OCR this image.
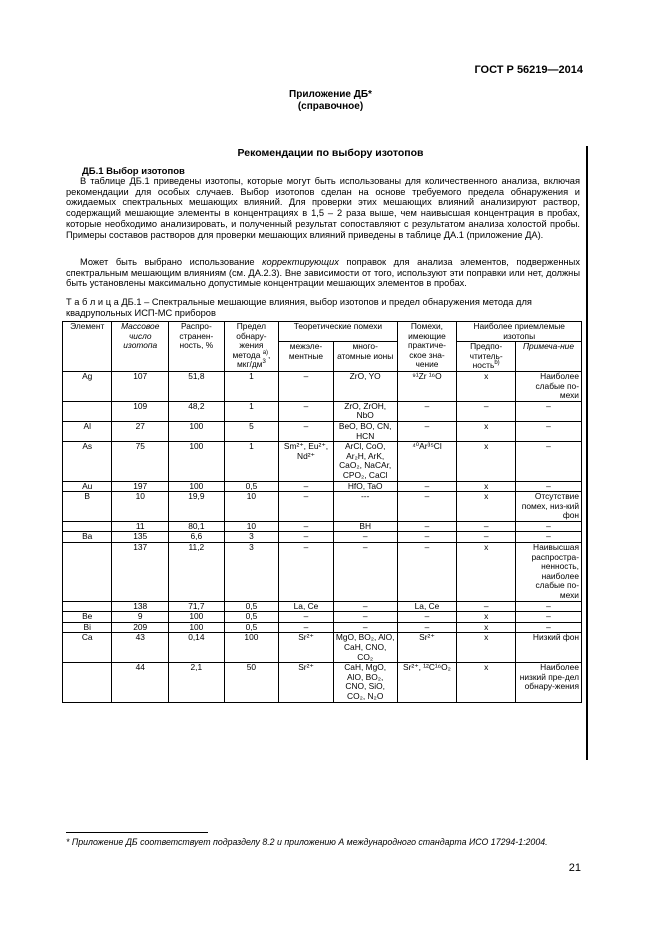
ГОСТ Р 56219—2014
Приложение ДБ*
(справочное)
Рекомендации по выбору изотопов
ДБ.1 Выбор изотопов
В таблице ДБ.1 приведены изотопы, которые могут быть использованы для количественного анализа, включая рекомендации для особых случаев. Выбор изотопов сделан на основе требуемого предела обнаружения и ожидаемых спектральных мешающих влияний. Для проверки этих мешающих влияний анализируют раствор, содержащий мешающие элементы в концентрациях в 1,5 – 2 раза выше, чем наивысшая концентрация в пробах, которые необходимо анализировать, и полученный результат сопоставляют с результатом анализа холостой пробы. Примеры составов растворов для проверки мешающих влияний приведены в таблице ДА.1 (приложение ДА).
Может быть выбрано использование корректирующих поправок для анализа элементов, подверженных спектральным мешающим влияниям (см. ДА.2.3). Вне зависимости от того, используют эти поправки или нет, должны быть установлены максимально допустимые концентрации мешающих элементов в пробах.
Т а б л и ц а ДБ.1 – Спектральные мешающие влияния, выбор изотопов и предел обнаружения метода для квадрупольных ИСП-МС приборов
Элемент	Массовое число изотопа	Распро-странен-ность, %	Предел обнару-жения метода $^{a)}$, мкг/$дм^3$	Теоретические помехи		Помехи, имеющие практиче-ское зна-чение	Наиболее приемлемые изотопы	
				межэле-ментные	много-атомные ионы		Предпо-чтитель-ность$^{b)}$	Примеча-ние
Ag	107	51,8	1	–	ZrO, YO	⁹¹Zr ¹⁶O	x	Наиболее слабые по-мехи
	109	48,2	1	–	ZrO, ZrOH, NbO	–	–	–
Al	27	100	5	–	BeO, BO, CN, HCN	–	x	–
As	75	100	1	Sm²⁺, Eu²⁺, Nd²⁺	ArCl, CoO, Ar₂H, ArK, CaO₂, NaCAr, CPO₂, CaCl	⁴⁰Ar³⁵Cl	x	–
Au	197	100	0,5	–	HfO, TaO	–	x	–
B	10	19,9	10	–	---	–	x	Отсутствие помех, низ-кий фон
	11	80,1	10	–	BH	–	–	–
Ba	135	6,6	3	–	–	–	–	–
	137	11,2	3	–	–	–	x	Наивысшая распростра-ненность, наиболее слабые по-мехи
	138	71,7	0,5	La, Ce	–	La, Ce	–	–
Be	9	100	0,5	–	–	–	x	–
Bi	209	100	0,5	–	–	–	x	–
Ca	43	0,14	100	Sr²⁺	MgO, BO₂, AlO, CaH, CNO, CO₂	Sr²⁺	x	Низкий фон
	44	2,1	50	Sr²⁺	CaH, MgO, AlO, BO₂, CNO, SiO, CO₂, N₂O	Sr²⁺, ¹²C¹⁶O₂	x	Наиболее низкий пре-дел обнару-жения
* Приложение ДБ соответствует подразделу 8.2 и приложению А международного стандарта ИСО 17294-1:2004.
21
